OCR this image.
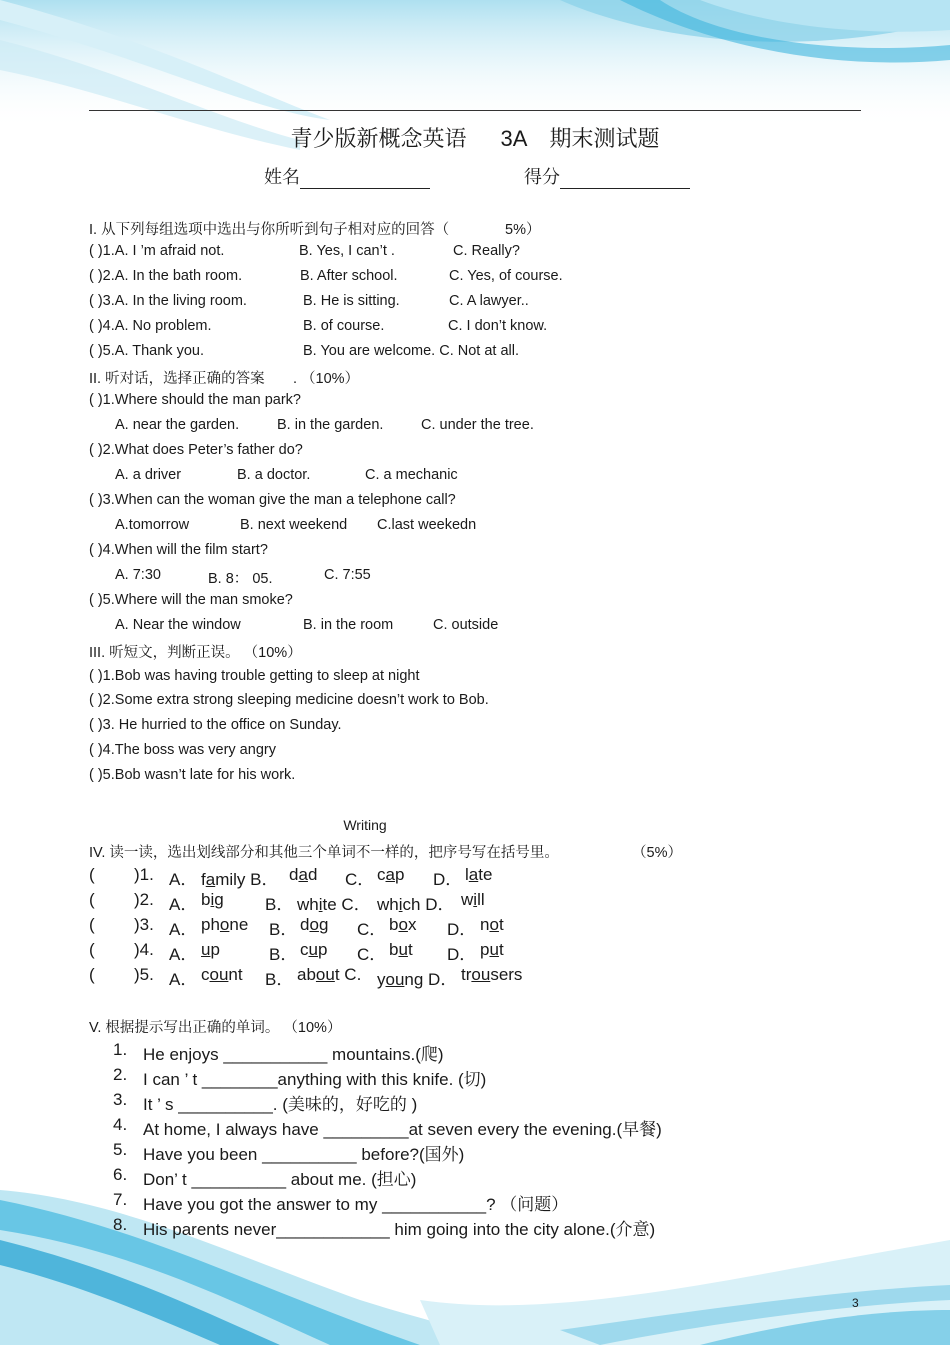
青少版新概念英语 3A 期末测试题
姓名	得分
I. 从下列每组选项中选出与你所听到句子相对应的回答（	5%）
( )1.A. I ’m afraid not.	B. Yes, I can’t .	C. Really?
( )2.A. In the bath room.	B. After school.	C. Yes, of course.
( )3.A. In the living room.	B. He is sitting.	C. A lawyer..
( )4.A. No problem.	B. of course.	C. I don’t know.
( )5.A. Thank you.	B. You are welcome. C. Not at all.
II. 听对话，选择正确的答案 . （10%）
( )1.Where should the man park?
A. near the garden.	B. in the garden.	C. under the tree.
( )2.What does Peter’s father do?
A. a driver	B. a doctor.	C. a mechanic
( )3.When can the woman give the man a telephone call?
A.tomorrow	B. next weekend C.last weekedn
( )4.When will the film start?
A. 7:30	B. 8： 05.	C. 7:55
( )5.Where will the man smoke?
A. Near the window	B. in the room	C. outside
III. 听短文，判断正误。 （10%）
( )1.Bob was having trouble getting to sleep at night
( )2.Some extra strong sleeping medicine doesn’t work to Bob.
( )3. He hurried to the office on Sunday.
( )4.The boss was very angry
( )5.Bob wasn’t late for his work.
Writing
IV. 读一读，选出划线部分和其他三个单词不一样的，把序号写在括号里。	（5%）
( )1. A． family B． dad C． cap D． late
( )2. A． big B． white C． which D． will
( )3. A． phone B． dog C． box D． not
( )4. A． up	B． cup C． but D． put
( )5. A． count B． about C. young D． trousers
V. 根据提示写出正确的单词。 （10%）
1. He enjoys ___________ mountains.(爬)
2. I can ’ t ________anything with this knife. (切)
3. It ’ s __________. (美味的，好吃的 )
4. At home, I always have _________at seven every the evening.(早餐)
5. Have you been __________ before?(国外)
6. Don’ t __________ about me. (担心)
7. Have you got the answer to my ___________? （问题）
8. His parents never____________ him going into the city alone.(介意)
3
